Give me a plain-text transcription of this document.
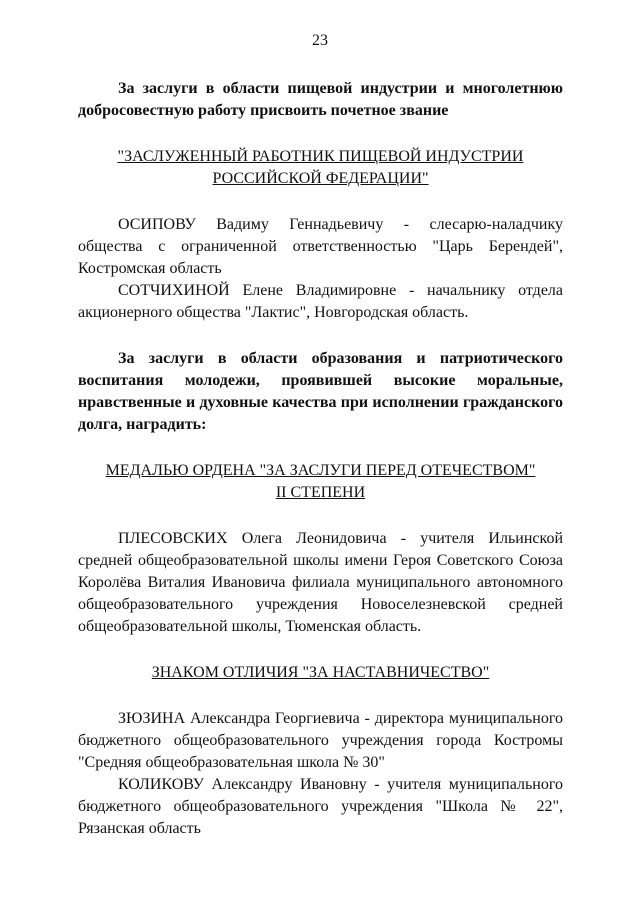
23

За заслуги в области пищевой индустрии и многолетнюю добросовестную работу присвоить почетное звание

"ЗАСЛУЖЕННЫЙ РАБОТНИК ПИЩЕВОЙ ИНДУСТРИИ
РОССИЙСКОЙ ФЕДЕРАЦИИ"

ОСИПОВУ Вадиму Геннадьевичу - слесарю-наладчику общества с ограниченной ответственностью "Царь Берендей", Костромская область

СОТЧИХИНОЙ Елене Владимировне - начальнику отдела акционерного общества "Лактис", Новгородская область.

За заслуги в области образования и патриотического воспитания молодежи, проявившей высокие моральные, нравственные и духовные качества при исполнении гражданского долга, наградить:

МЕДАЛЬЮ ОРДЕНА "ЗА ЗАСЛУГИ ПЕРЕД ОТЕЧЕСТВОМ"
II СТЕПЕНИ

ПЛЕСОВСКИХ Олега Леонидовича - учителя Ильинской средней общеобразовательной школы имени Героя Советского Союза Королёва Виталия Ивановича филиала муниципального автономного общеобразовательного учреждения Новоселезневской средней общеобразовательной школы, Тюменская область.

ЗНАКОМ ОТЛИЧИЯ "ЗА НАСТАВНИЧЕСТВО"

ЗЮЗИНА Александра Георгиевича - директора муниципального бюджетного общеобразовательного учреждения города Костромы "Средняя общеобразовательная школа № 30"

КОЛИКОВУ Александру Ивановну - учителя муниципального бюджетного общеобразовательного учреждения "Школа № 22", Рязанская область
